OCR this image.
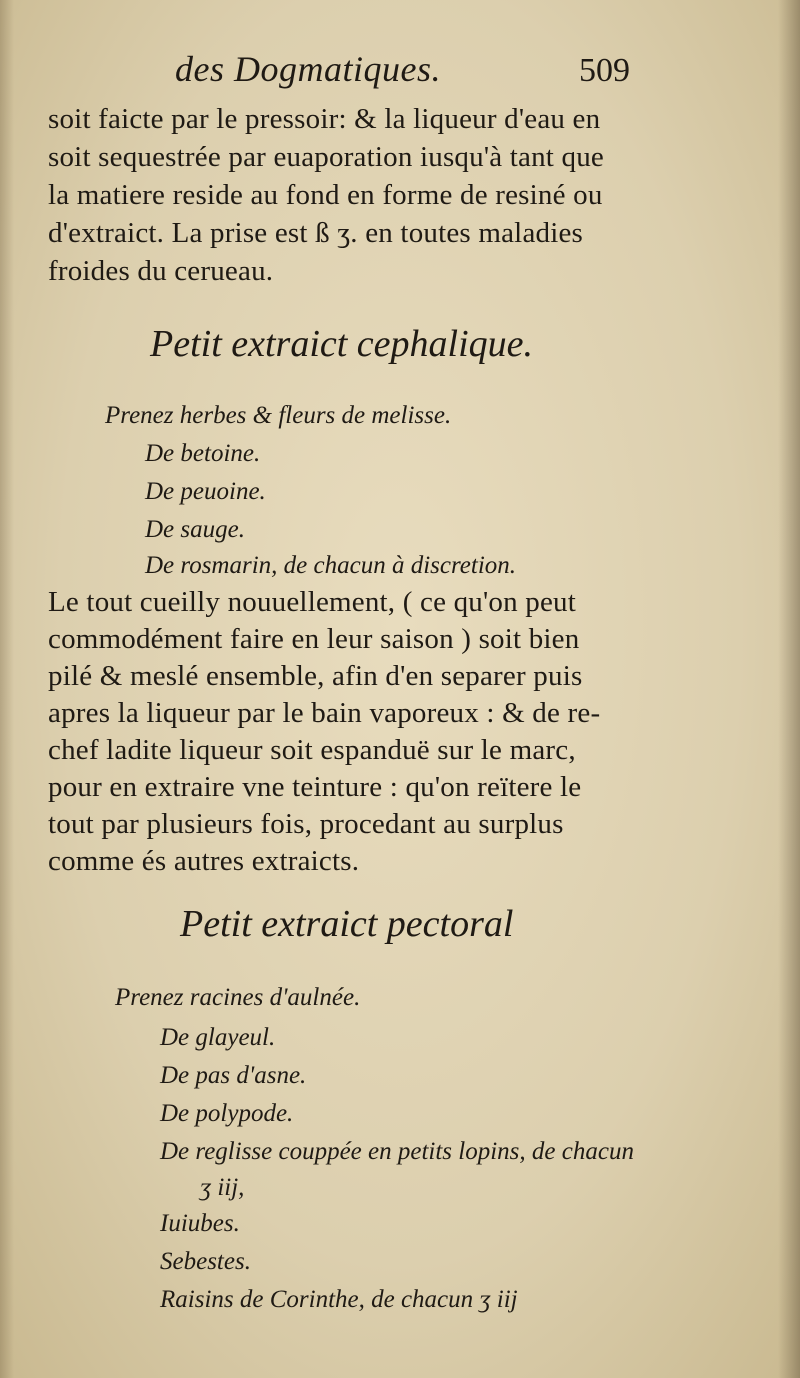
des Dogmatiques.	509
soit faicte par le pressoir: & la liqueur d'eau en
soit sequestrée par euaporation iusqu'à tant que
la matiere reside au fond en forme de resiné ou
d'extraict. La prise est ß ʒ. en toutes maladies
froides du cerueau.
Petit extraict cephalique.
Prenez herbes & fleurs de melisse.
De betoine.
De peuoine.
De sauge.
De rosmarin, de chacun à discretion.
Le tout cueilly nouuellement, ( ce qu'on peut
commodément faire en leur saison ) soit bien
pilé & meslé ensemble, afin d'en separer puis
apres la liqueur par le bain vaporeux : & de re-
chef ladite liqueur soit espanduë sur le marc,
pour en extraire vne teinture : qu'on reïtere le
tout par plusieurs fois, procedant au surplus
comme és autres extraicts.
Petit extraict pectoral
Prenez racines d'aulnée.
De glayeul.
De pas d'asne.
De polypode.
De reglisse couppée en petits lopins, de chacun
ʒ iij,
Iuiubes.
Sebestes.
Raisins de Corinthe, de chacun ʒ iij
